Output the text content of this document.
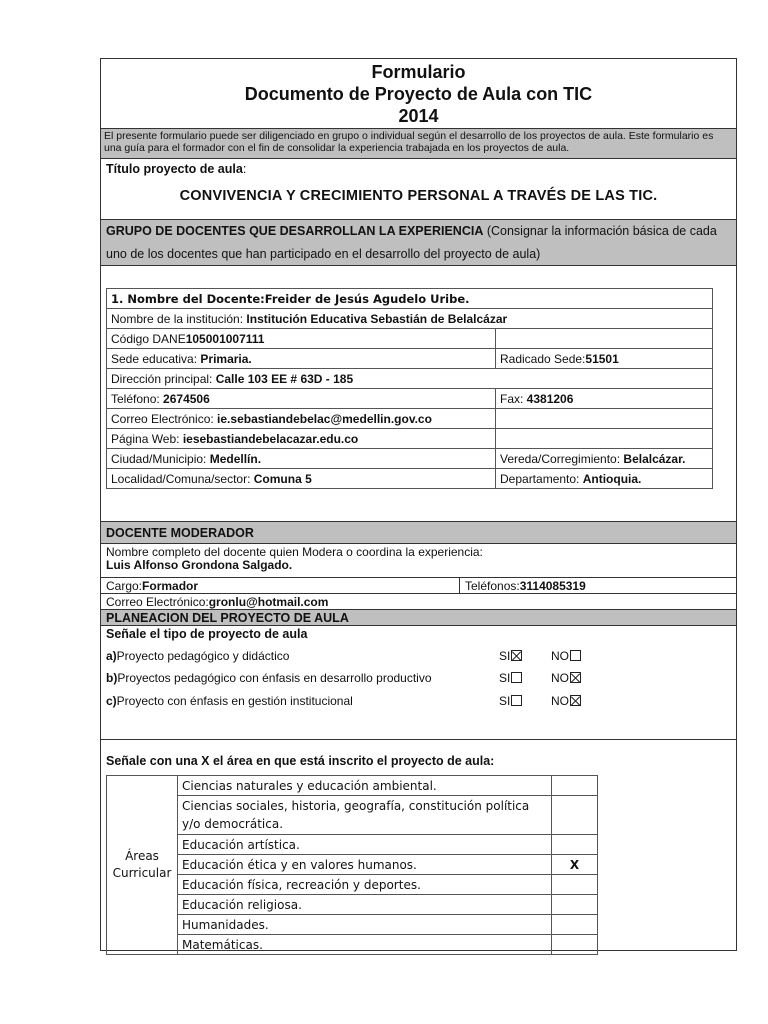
Formulario
Documento de Proyecto de Aula con TIC
2014
El presente formulario puede ser diligenciado en grupo o individual según el desarrollo de los proyectos de aula. Este formulario es una guía para el formador con el fin de consolidar la experiencia trabajada en los proyectos de aula.
Título proyecto de aula:
CONVIVENCIA Y CRECIMIENTO PERSONAL A TRAVÉS DE LAS TIC.
GRUPO DE DOCENTES QUE DESARROLLAN LA EXPERIENCIA (Consignar la información básica de cada uno de los docentes que han participado en el desarrollo del proyecto de aula)
1. Nombre del Docente:Freider de Jesús Agudelo Uribe.	
Nombre de la institución: Institución Educativa Sebastián de Belalcázar	
Código DANE105001007111	
Sede educativa: Primaria.	Radicado Sede:51501
Dirección principal: Calle 103 EE # 63D - 185	
Teléfono: 2674506	Fax: 4381206
Correo Electrónico: ie.sebastiandebelac@medellin.gov.co	
Página Web: iesebastiandebelacazar.edu.co	
Ciudad/Municipio: Medellín.	Vereda/Corregimiento: Belalcázar.
Localidad/Comuna/sector: Comuna 5	Departamento: Antioquia.
DOCENTE MODERADOR
Nombre completo del docente quien Modera o coordina la experiencia:
Luis Alfonso Grondona Salgado.
Cargo:Formador	Teléfonos:3114085319
Correo Electrónico:gronlu@hotmail.com
PLANEACION DEL PROYECTO DE AULA
Señale el tipo de proyecto de aula
a)Proyecto pedagógico y didáctico	SI	NO
b)Proyectos pedagógico con énfasis en desarrollo productivo	SI	NO
c)Proyecto con énfasis en gestión institucional	SI	NO
Señale con una X el área en que está inscrito el proyecto de aula:
Áreas
Curricular	Ciencias naturales y educación ambiental.	

	Ciencias sociales, historia, geografía, constitución política
y/o democrática.	

	Educación artística.	
	Educación ética y en valores humanos.	X
	Educación física, recreación y deportes.	
	Educación religiosa.	
	Humanidades.	
	Matemáticas.	
